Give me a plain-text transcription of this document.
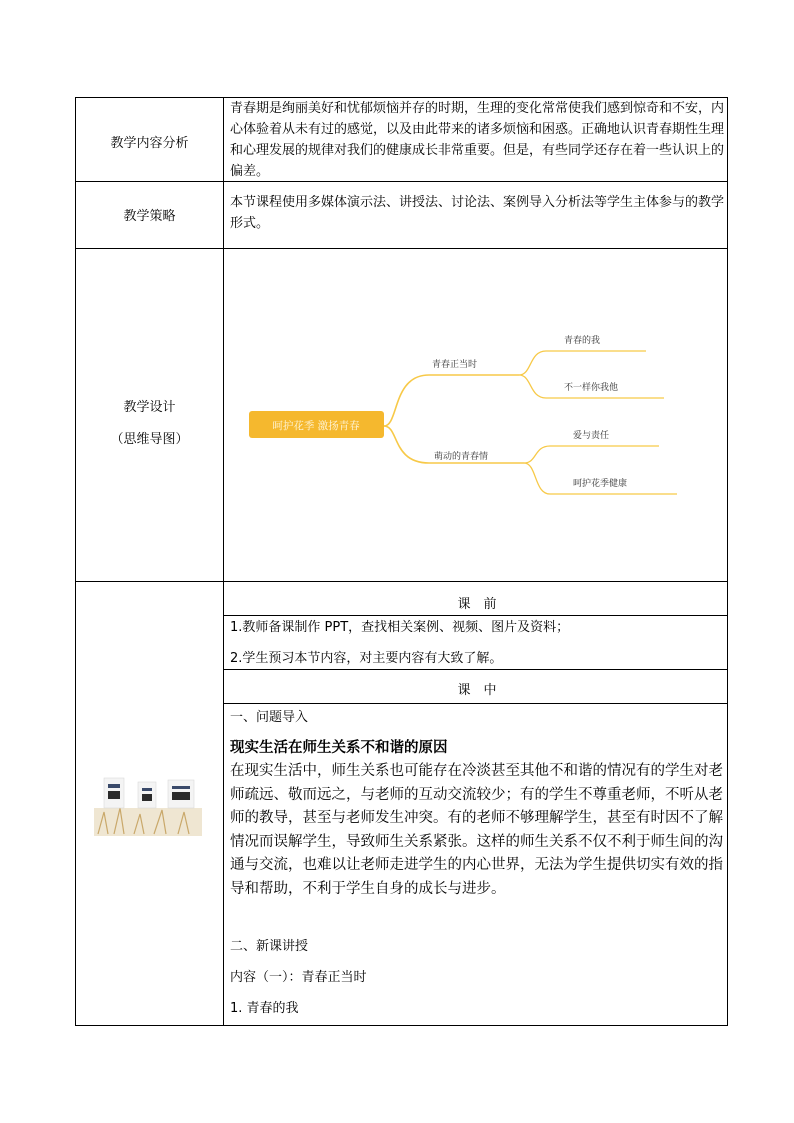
教学内容分析

青春期是绚丽美好和忧郁烦恼并存的时期，生理的变化常常使我们感到惊奇和不安，内心体验着从未有过的感觉，以及由此带来的诸多烦恼和困惑。正确地认识青春期性生理和心理发展的规律对我们的健康成长非常重要。但是，有些同学还存在着一些认识上的偏差。

教学策略

本节课程使用多媒体演示法、讲授法、讨论法、案例导入分析法等学生主体参与的教学形式。

教学设计
（思维导图）
呵护花季 激扬青春
青春正当时
萌动的青春情
青春的我
不一样你我他
爱与责任
呵护花季健康
课　前

1.教师备课制作 PPT，查找相关案例、视频、图片及资料；

2.学生预习本节内容，对主要内容有大致了解。

课　中

一、问题导入

现实生活在师生关系不和谐的原因

在现实生活中，师生关系也可能存在冷淡甚至其他不和谐的情况有的学生对老师疏远、敬而远之，与老师的互动交流较少；有的学生不尊重老师，不听从老师的教导，甚至与老师发生冲突。有的老师不够理解学生，甚至有时因不了解情况而误解学生，导致师生关系紧张。这样的师生关系不仅不利于师生间的沟通与交流，也难以让老师走进学生的内心世界，无法为学生提供切实有效的指导和帮助，不利于学生自身的成长与进步。

二、新课讲授

内容（一）：青春正当时

1. 青春的我
